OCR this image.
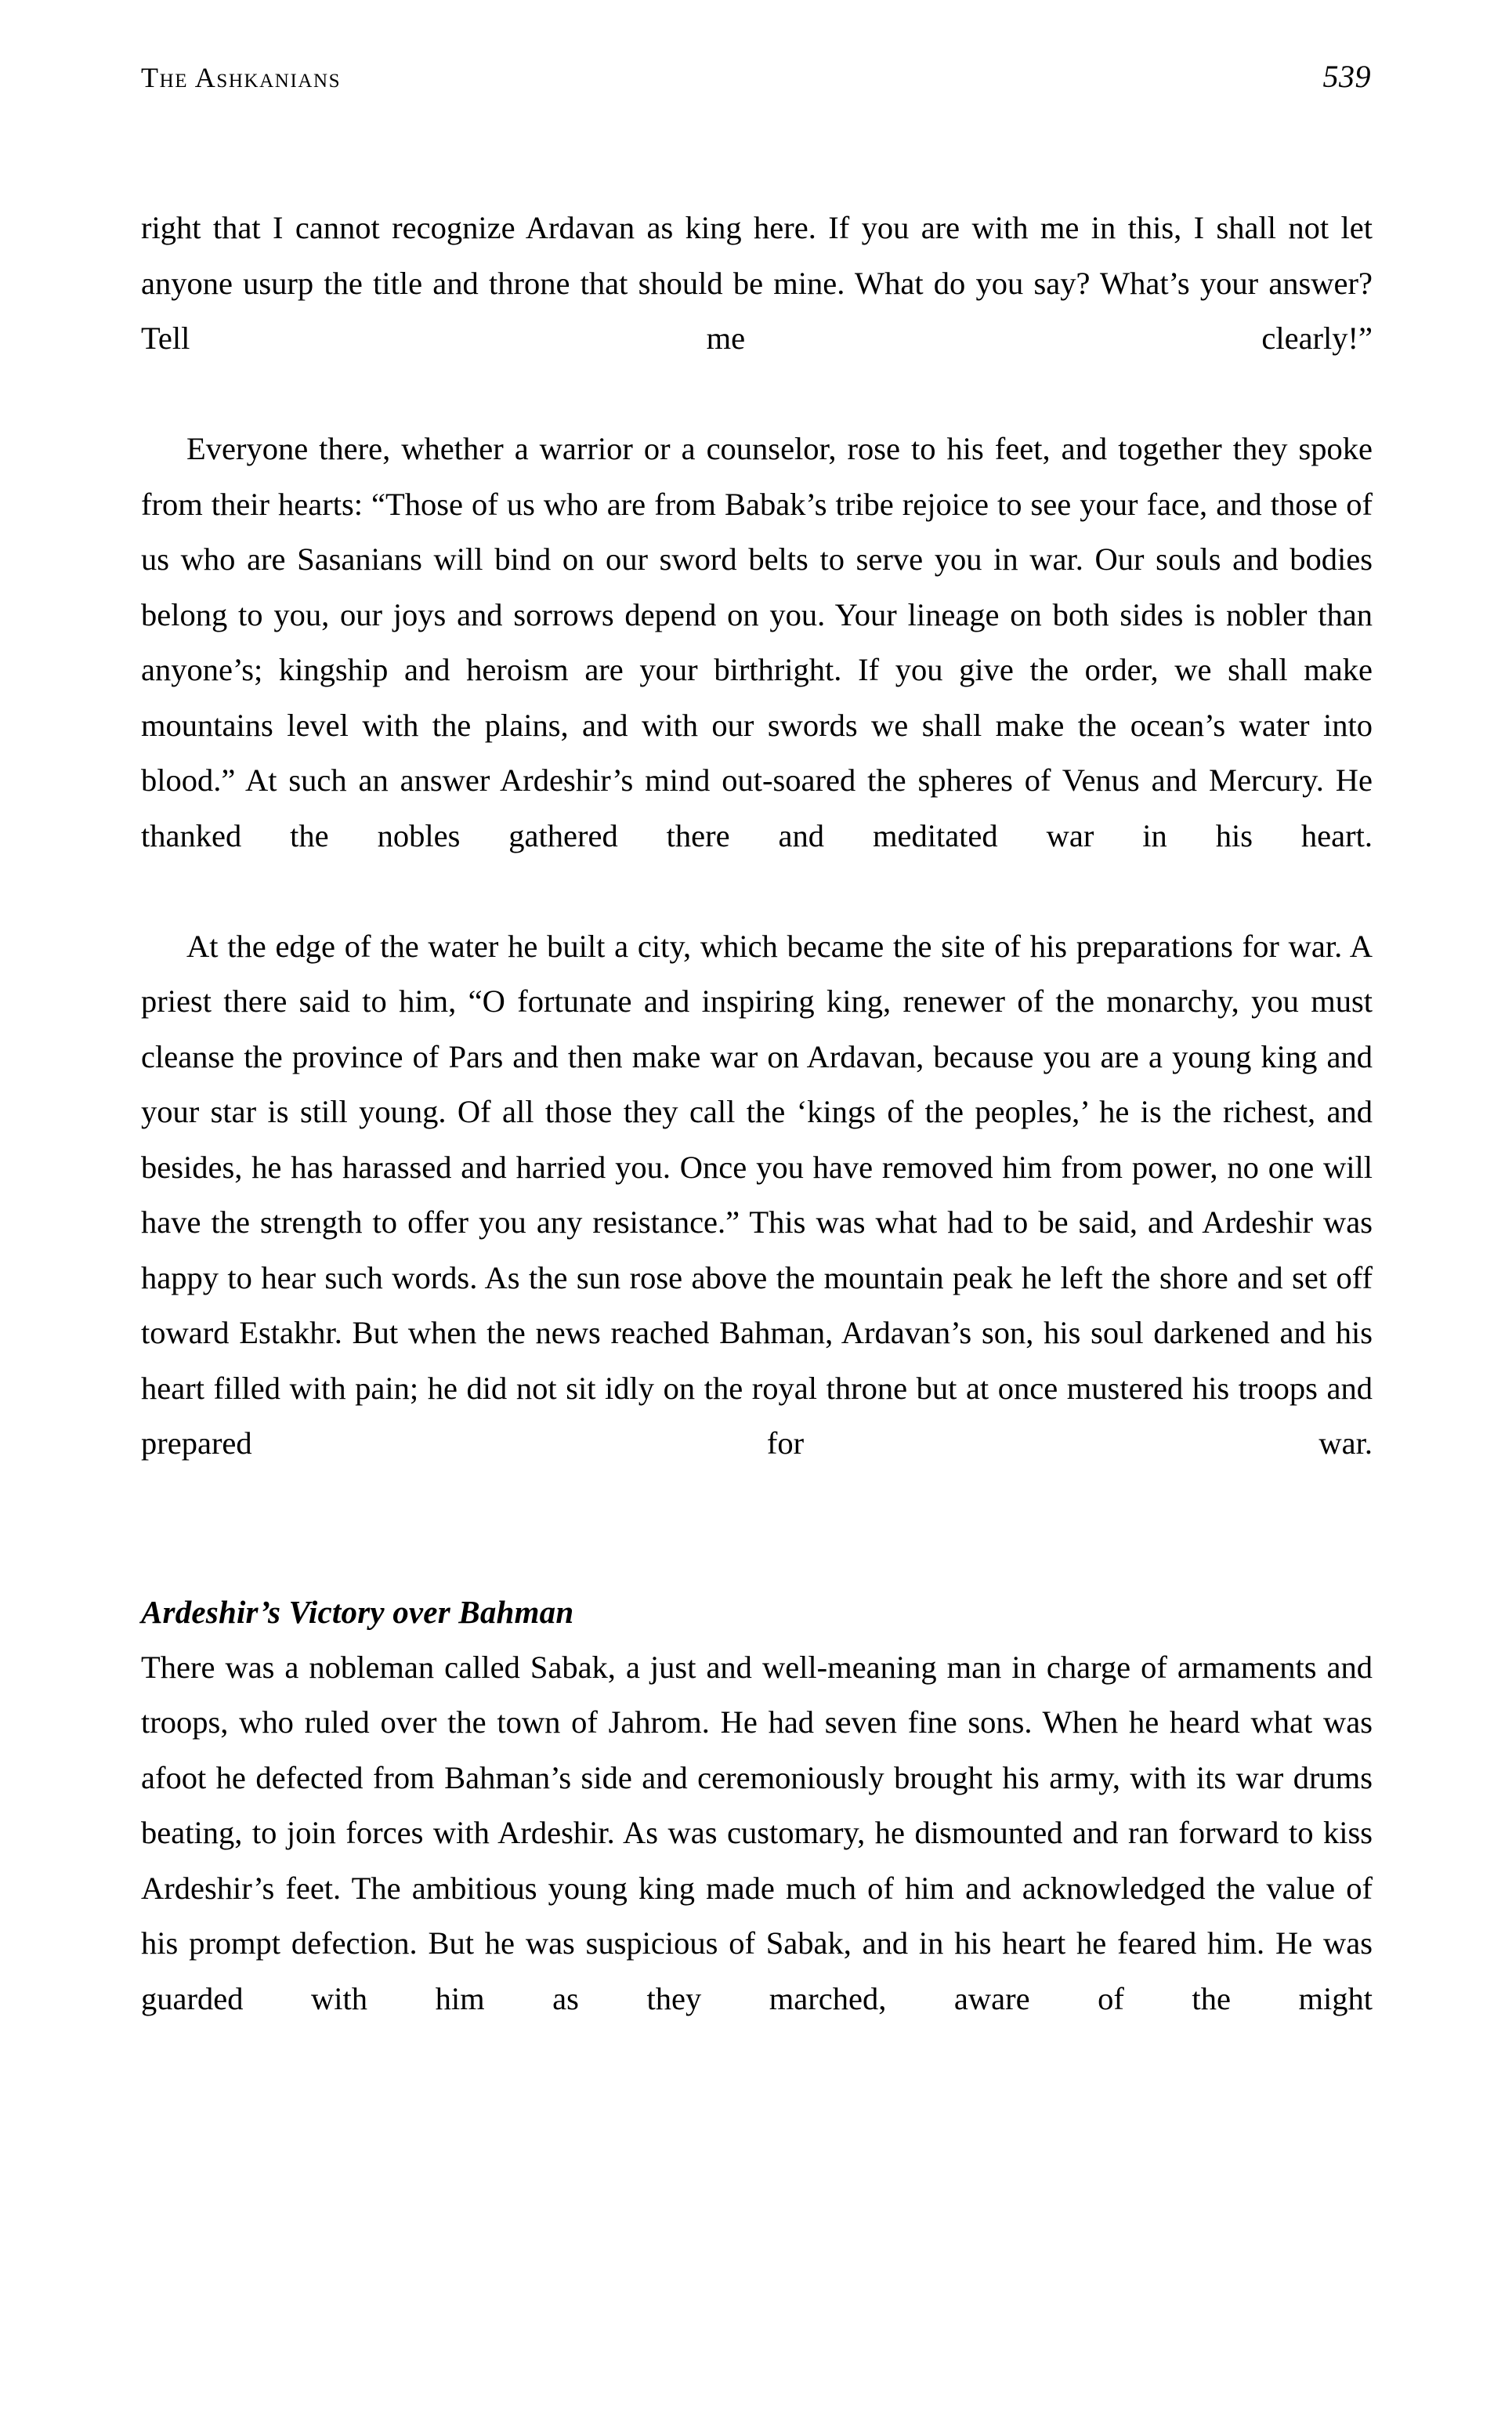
The Ashkanians	539

right that I cannot recognize Ardavan as king here. If you are with me in this, I shall not let anyone usurp the title and throne that should be mine. What do you say? What’s your answer? Tell me clearly!”

Everyone there, whether a warrior or a counselor, rose to his feet, and together they spoke from their hearts: “Those of us who are from Babak’s tribe rejoice to see your face, and those of us who are Sasanians will bind on our sword belts to serve you in war. Our souls and bodies belong to you, our joys and sorrows depend on you. Your lineage on both sides is nobler than anyone’s; kingship and heroism are your birthright. If you give the order, we shall make mountains level with the plains, and with our swords we shall make the ocean’s water into blood.” At such an answer Ardeshir’s mind out-soared the spheres of Venus and Mercury. He thanked the nobles gathered there and meditated war in his heart.

At the edge of the water he built a city, which became the site of his preparations for war. A priest there said to him, “O fortunate and inspiring king, renewer of the monarchy, you must cleanse the province of Pars and then make war on Ardavan, because you are a young king and your star is still young. Of all those they call the ‘kings of the peoples,’ he is the richest, and besides, he has harassed and harried you. Once you have removed him from power, no one will have the strength to offer you any resistance.” This was what had to be said, and Ardeshir was happy to hear such words. As the sun rose above the mountain peak he left the shore and set off toward Estakhr. But when the news reached Bahman, Ardavan’s son, his soul darkened and his heart filled with pain; he did not sit idly on the royal throne but at once mustered his troops and prepared for war.

Ardeshir’s Victory over Bahman

There was a nobleman called Sabak, a just and well-meaning man in charge of armaments and troops, who ruled over the town of Jahrom. He had seven fine sons. When he heard what was afoot he defected from Bahman’s side and ceremoniously brought his army, with its war drums beating, to join forces with Ardeshir. As was customary, he dismounted and ran forward to kiss Ardeshir’s feet. The ambitious young king made much of him and acknowledged the value of his prompt defection. But he was suspicious of Sabak, and in his heart he feared him. He was guarded with him as they marched, aware of the might
